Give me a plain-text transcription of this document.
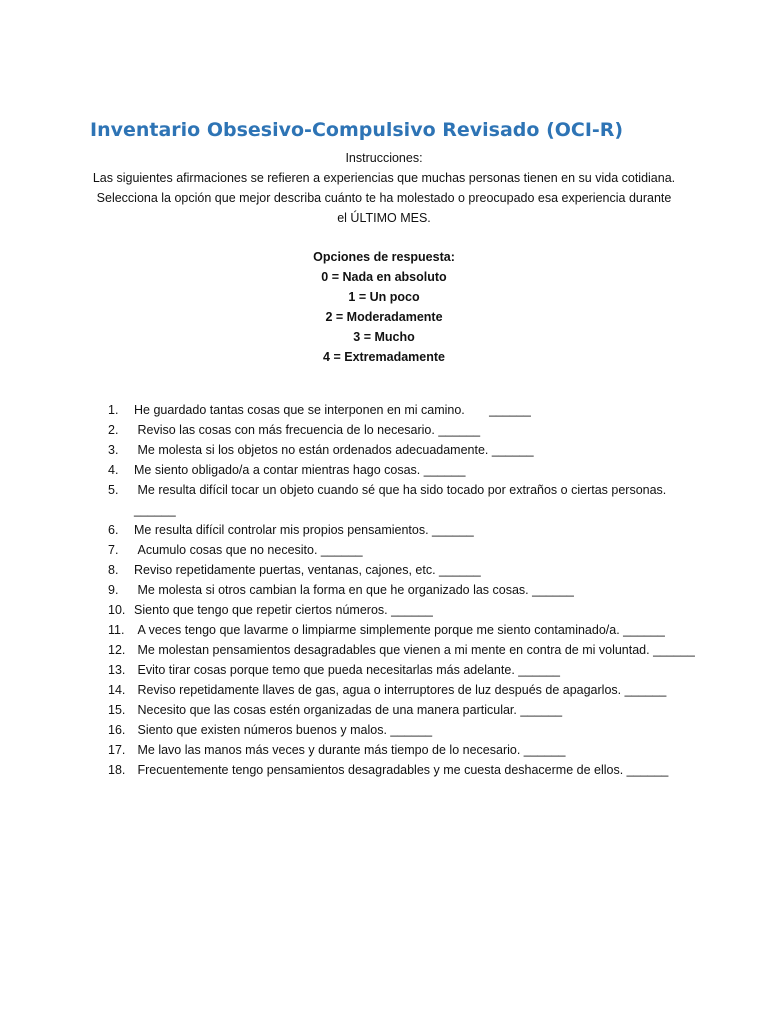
Inventario Obsesivo-Compulsivo Revisado (OCI-R)
Instrucciones:
Las siguientes afirmaciones se refieren a experiencias que muchas personas tienen en su vida cotidiana.
Selecciona la opción que mejor describa cuánto te ha molestado o preocupado esa experiencia durante
el ÚLTIMO MES.
Opciones de respuesta:
0 = Nada en absoluto
1 = Un poco
2 = Moderadamente
3 = Mucho
4 = Extremadamente
1.	He guardado tantas cosas que se interponen en mi camino.       ______
2.	Reviso las cosas con más frecuencia de lo necesario. ______
3.	Me molesta si los objetos no están ordenados adecuadamente. ______
4.	Me siento obligado/a a contar mientras hago cosas. ______
5.	Me resulta difícil tocar un objeto cuando sé que ha sido tocado por extraños o ciertas personas. ______
6.	Me resulta difícil controlar mis propios pensamientos. ______
7.	Acumulo cosas que no necesito. ______
8.	Reviso repetidamente puertas, ventanas, cajones, etc. ______
9.	Me molesta si otros cambian la forma en que he organizado las cosas. ______
10. Siento que tengo que repetir ciertos números. ______
11. A veces tengo que lavarme o limpiarme simplemente porque me siento contaminado/a. ______
12. Me molestan pensamientos desagradables que vienen a mi mente en contra de mi voluntad. ______
13. Evito tirar cosas porque temo que pueda necesitarlas más adelante. ______
14. Reviso repetidamente llaves de gas, agua o interruptores de luz después de apagarlos. ______
15. Necesito que las cosas estén organizadas de una manera particular. ______
16. Siento que existen números buenos y malos. ______
17. Me lavo las manos más veces y durante más tiempo de lo necesario. ______
18. Frecuentemente tengo pensamientos desagradables y me cuesta deshacerme de ellos. ______
